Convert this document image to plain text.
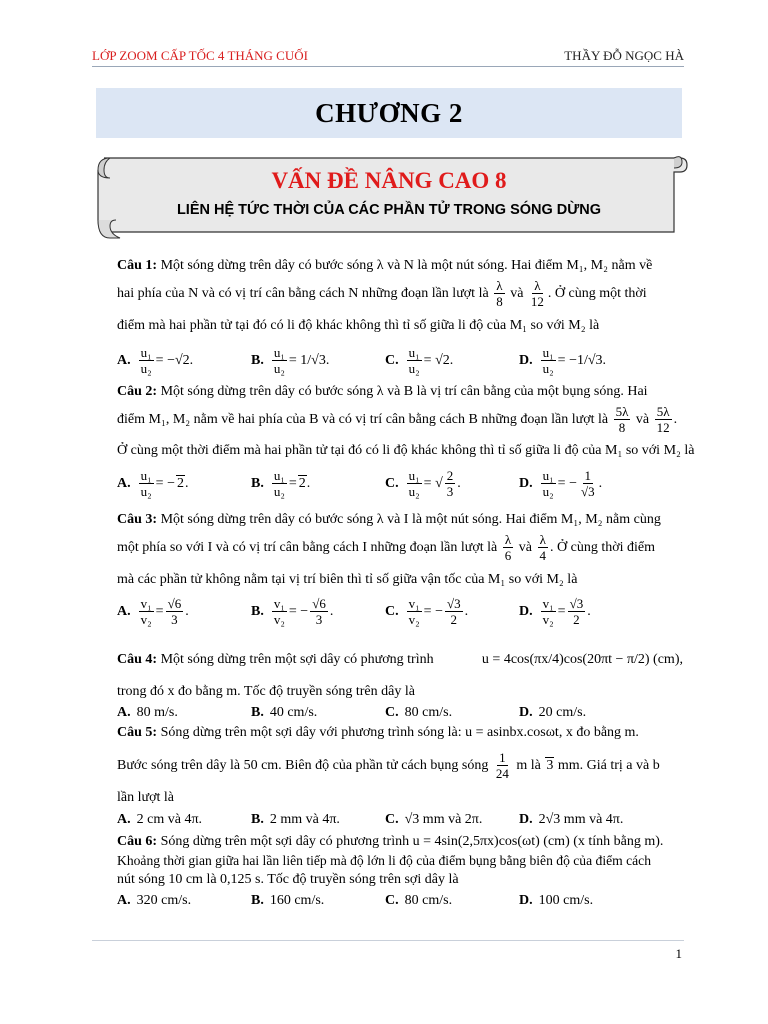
LỚP ZOOM CẤP TỐC 4 THÁNG CUỐI	THẦY ĐỖ NGỌC HÀ
CHƯƠNG 2
VẤN ĐỀ NÂNG CAO 8
LIÊN HỆ TỨC THỜI CỦA CÁC PHẦN TỬ TRONG SÓNG DỪNG
Câu 1: Một sóng dừng trên dây có bước sóng λ và N là một nút sóng. Hai điểm M₁, M₂ nằm về
hai phía của N và có vị trí cân bằng cách N những đoạn lần lượt là
$\frac{\lambda}{8}$
và
$\frac{\lambda}{12}$ . Ở cùng một thời
điểm mà hai phần tử tại đó có li độ khác không thì tỉ số giữa li độ của M₁ so với M₂ là
A. $\frac{\text{u₁}}{\text{u₂}} = -√2$.	B. $\frac{\text{u₁}}{\text{u₂}} = 1/√3$.	C. $\frac{\text{u₁}}{\text{u₂}} = √2$.	D. $\frac{\text{u₁}}{\text{u₂}} = -1/√3$.
Câu 2: Một sóng dừng trên dây có bước sóng λ và B là vị trí cân bằng của một bụng sóng. Hai
điểm M₁, M₂ nằm về hai phía của B và có vị trí cân bằng cách B những đoạn lần lượt là
$\frac{5\lambda}{8}$
và
$\frac{5\lambda}{12}$ .
Ở cùng một thời điểm mà hai phần tử tại đó có li độ khác không thì tỉ số giữa li độ của M₁ so với M₂ là
A. $\frac{\text{u₁}}{\text{u₂}}$ = − 2 .	B. $\frac{\text{u₁}}{\text{u₂}} = 2$ .	C. $\frac{\text{u₁}}{\text{u₂}}$ = √ $\frac{2}{3}$ .	D. $\frac{\text{u₁}}{\text{u₂}}$ = − $\frac{1}{√3}$ .
Câu 3: Một sóng dừng trên dây có bước sóng λ và I là một nút sóng. Hai điểm M₁, M₂ nằm cùng
một phía so với I và có vị trí cân bằng cách I những đoạn lần lượt là
$\frac{\lambda}{6}$
và
$\frac{\lambda}{4}$ . Ở cùng thời điểm
mà các phần tử không nằm tại vị trí biên thì tỉ số giữa vận tốc của M₁ so với M₂ là
A. $\frac{\text{v₁}}{\text{v₂}} = \frac{√6}{3}$ .	B. $\frac{\text{v₁}}{\text{v₂}}$ = − $\frac{√6}{3}$ .	C. $\frac{\text{v₁}}{\text{v₂}}$ = − $\frac{√3}{2}$ .	D. $\frac{\text{v₁}}{\text{v₂}} = \frac{√3}{2}$ .
Câu 4: Một sóng dừng trên một sợi dây có phương trình	u = 4cos(πx/4)cos(20πt − π/2) (cm),
trong đó x đo bằng m. Tốc độ truyền sóng trên dây là
A. 80 m/s.	B. 40 cm/s.	C. 80 cm/s.	D. 20 cm/s.
Câu 5: Sóng dừng trên một sợi dây với phương trình sóng là: u = asinbx.cosωt, x đo bằng m.
Bước sóng trên dây là 50 cm. Biên độ của phần tử cách bụng sóng
$\frac{1}{24}$
m là
3
mm. Giá trị a và b
lần lượt là
A. 2 cm và 4π.	B. 2 mm và 4π.	C. √3 mm và 2π.	D. 2√3 mm và 4π.
Câu 6: Sóng dừng trên một sợi dây có phương trình u = 4sin(2,5πx)cos(ωt) (cm) (x tính bằng m).
Khoảng thời gian giữa hai lần liên tiếp mà độ lớn li độ của điểm bụng bằng biên độ của điểm cách
nút sóng 10 cm là 0,125 s. Tốc độ truyền sóng trên sợi dây là
A. 320 cm/s.	B. 160 cm/s.	C. 80 cm/s.	D. 100 cm/s.
1
